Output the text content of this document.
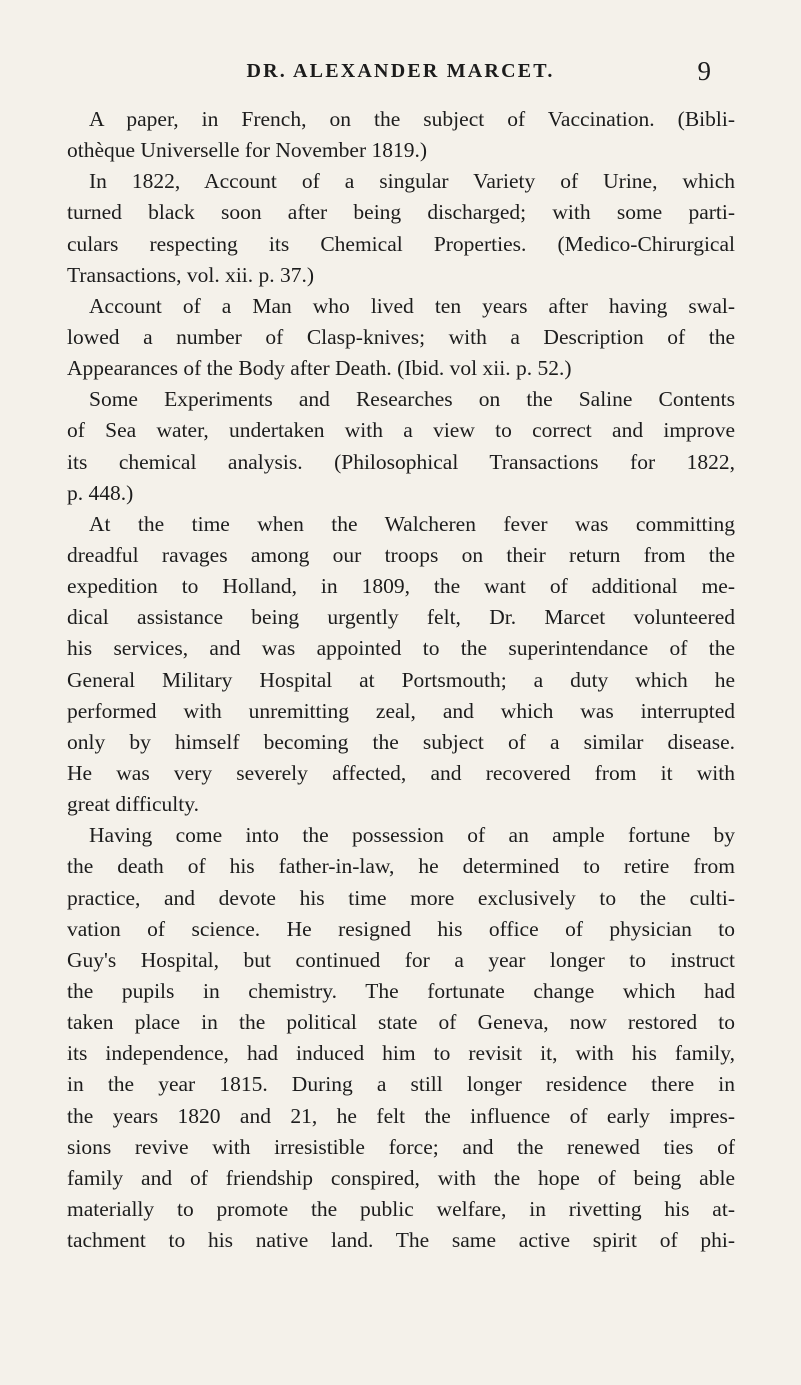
DR. ALEXANDER MARCET.	9

A paper, in French, on the subject of Vaccination. (Bibli-
othèque Universelle for November 1819.)

In 1822, Account of a singular Variety of Urine, which
turned black soon after being discharged; with some parti-
culars respecting its Chemical Properties. (Medico-Chirurgical
Transactions, vol. xii. p. 37.)

Account of a Man who lived ten years after having swal-
lowed a number of Clasp-knives; with a Description of the
Appearances of the Body after Death. (Ibid. vol xii. p. 52.)

Some Experiments and Researches on the Saline Contents
of Sea water, undertaken with a view to correct and improve
its chemical analysis. (Philosophical Transactions for 1822,
p. 448.)

At the time when the Walcheren fever was committing
dreadful ravages among our troops on their return from the
expedition to Holland, in 1809, the want of additional me-
dical assistance being urgently felt, Dr. Marcet volunteered
his services, and was appointed to the superintendance of the
General Military Hospital at Portsmouth; a duty which he
performed with unremitting zeal, and which was interrupted
only by himself becoming the subject of a similar disease.
He was very severely affected, and recovered from it with
great difficulty.

Having come into the possession of an ample fortune by
the death of his father-in-law, he determined to retire from
practice, and devote his time more exclusively to the culti-
vation of science. He resigned his office of physician to
Guy's Hospital, but continued for a year longer to instruct
the pupils in chemistry. The fortunate change which had
taken place in the political state of Geneva, now restored to
its independence, had induced him to revisit it, with his family,
in the year 1815. During a still longer residence there in
the years 1820 and 21, he felt the influence of early impres-
sions revive with irresistible force; and the renewed ties of
family and of friendship conspired, with the hope of being able
materially to promote the public welfare, in rivetting his at-
tachment to his native land. The same active spirit of phi-
